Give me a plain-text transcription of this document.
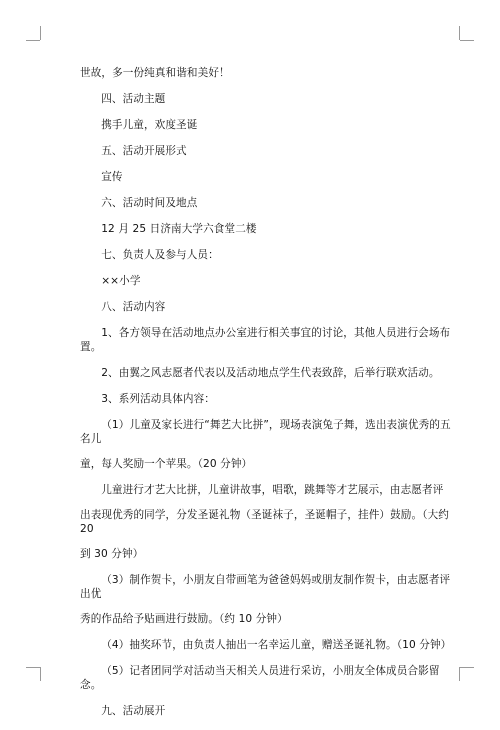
世故，多一份纯真和谐和美好！

四、活动主题

携手儿童，欢度圣诞

五、活动开展形式

宣传

六、活动时间及地点

12 月 25 日济南大学六食堂二楼

七、负责人及参与人员：

××小学

八、活动内容

1、各方领导在活动地点办公室进行相关事宜的讨论，其他人员进行会场布置。

2、由翼之风志愿者代表以及活动地点学生代表致辞，后举行联欢活动。

3、系列活动具体内容：

（1）儿童及家长进行“舞艺大比拼”，现场表演兔子舞，选出表演优秀的五名儿
童，每人奖励一个苹果。（20 分钟）

儿童进行才艺大比拼，儿童讲故事，唱歌，跳舞等才艺展示，由志愿者评
出表现优秀的同学，分发圣诞礼物（圣诞袜子，圣诞帽子，挂件）鼓励。（大约 20
到 30 分钟）

（3）制作贺卡，小朋友自带画笔为爸爸妈妈或朋友制作贺卡，由志愿者评出优
秀的作品给予贴画进行鼓励。（约 10 分钟）

（4）抽奖环节，由负责人抽出一名幸运儿童，赠送圣诞礼物。（10 分钟）

（5）记者团同学对活动当天相关人员进行采访，小朋友全体成员合影留念。

九、活动展开
